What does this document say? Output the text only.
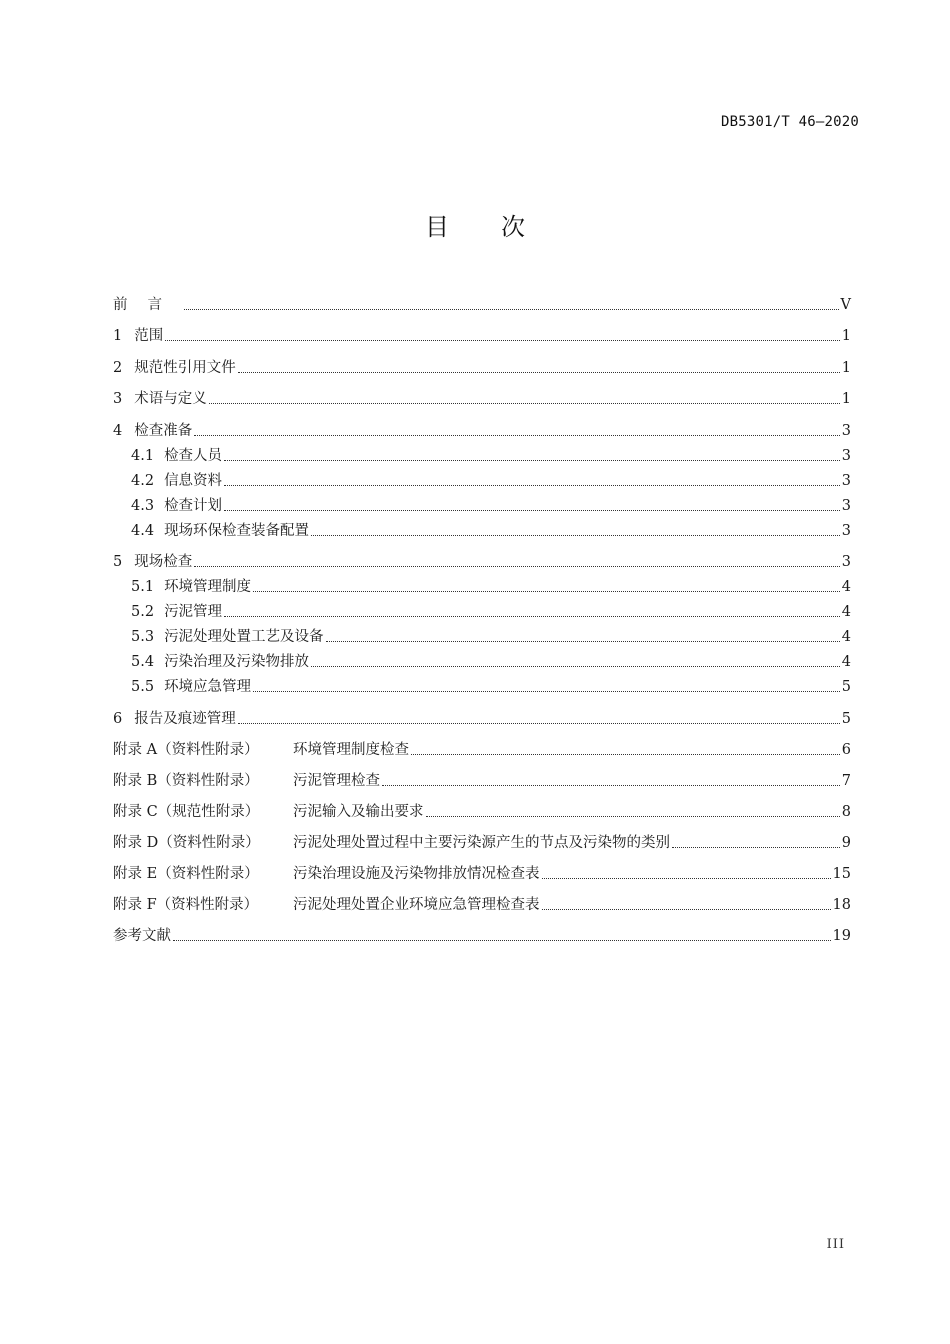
DB5301/T 46—2020
目次
前言	V
1 范围	1
2 规范性引用文件	1
3 术语与定义	1
4 检查准备	3
4.1 检查人员	3
4.2 信息资料	3
4.3 检查计划	3
4.4 现场环保检查装备配置	3
5 现场检查	3
5.1 环境管理制度	4
5.2 污泥管理	4
5.3 污泥处理处置工艺及设备	4
5.4 污染治理及污染物排放	4
5.5 环境应急管理	5
6 报告及痕迹管理	5
附录 A（资料性附录）	环境管理制度检查	6
附录 B（资料性附录）	污泥管理检查	7
附录 C（规范性附录）	污泥输入及输出要求	8
附录 D（资料性附录）	污泥处理处置过程中主要污染源产生的节点及污染物的类别	9
附录 E（资料性附录）	污染治理设施及污染物排放情况检查表	15
附录 F（资料性附录）	污泥处理处置企业环境应急管理检查表	18
参考文献	19
III
